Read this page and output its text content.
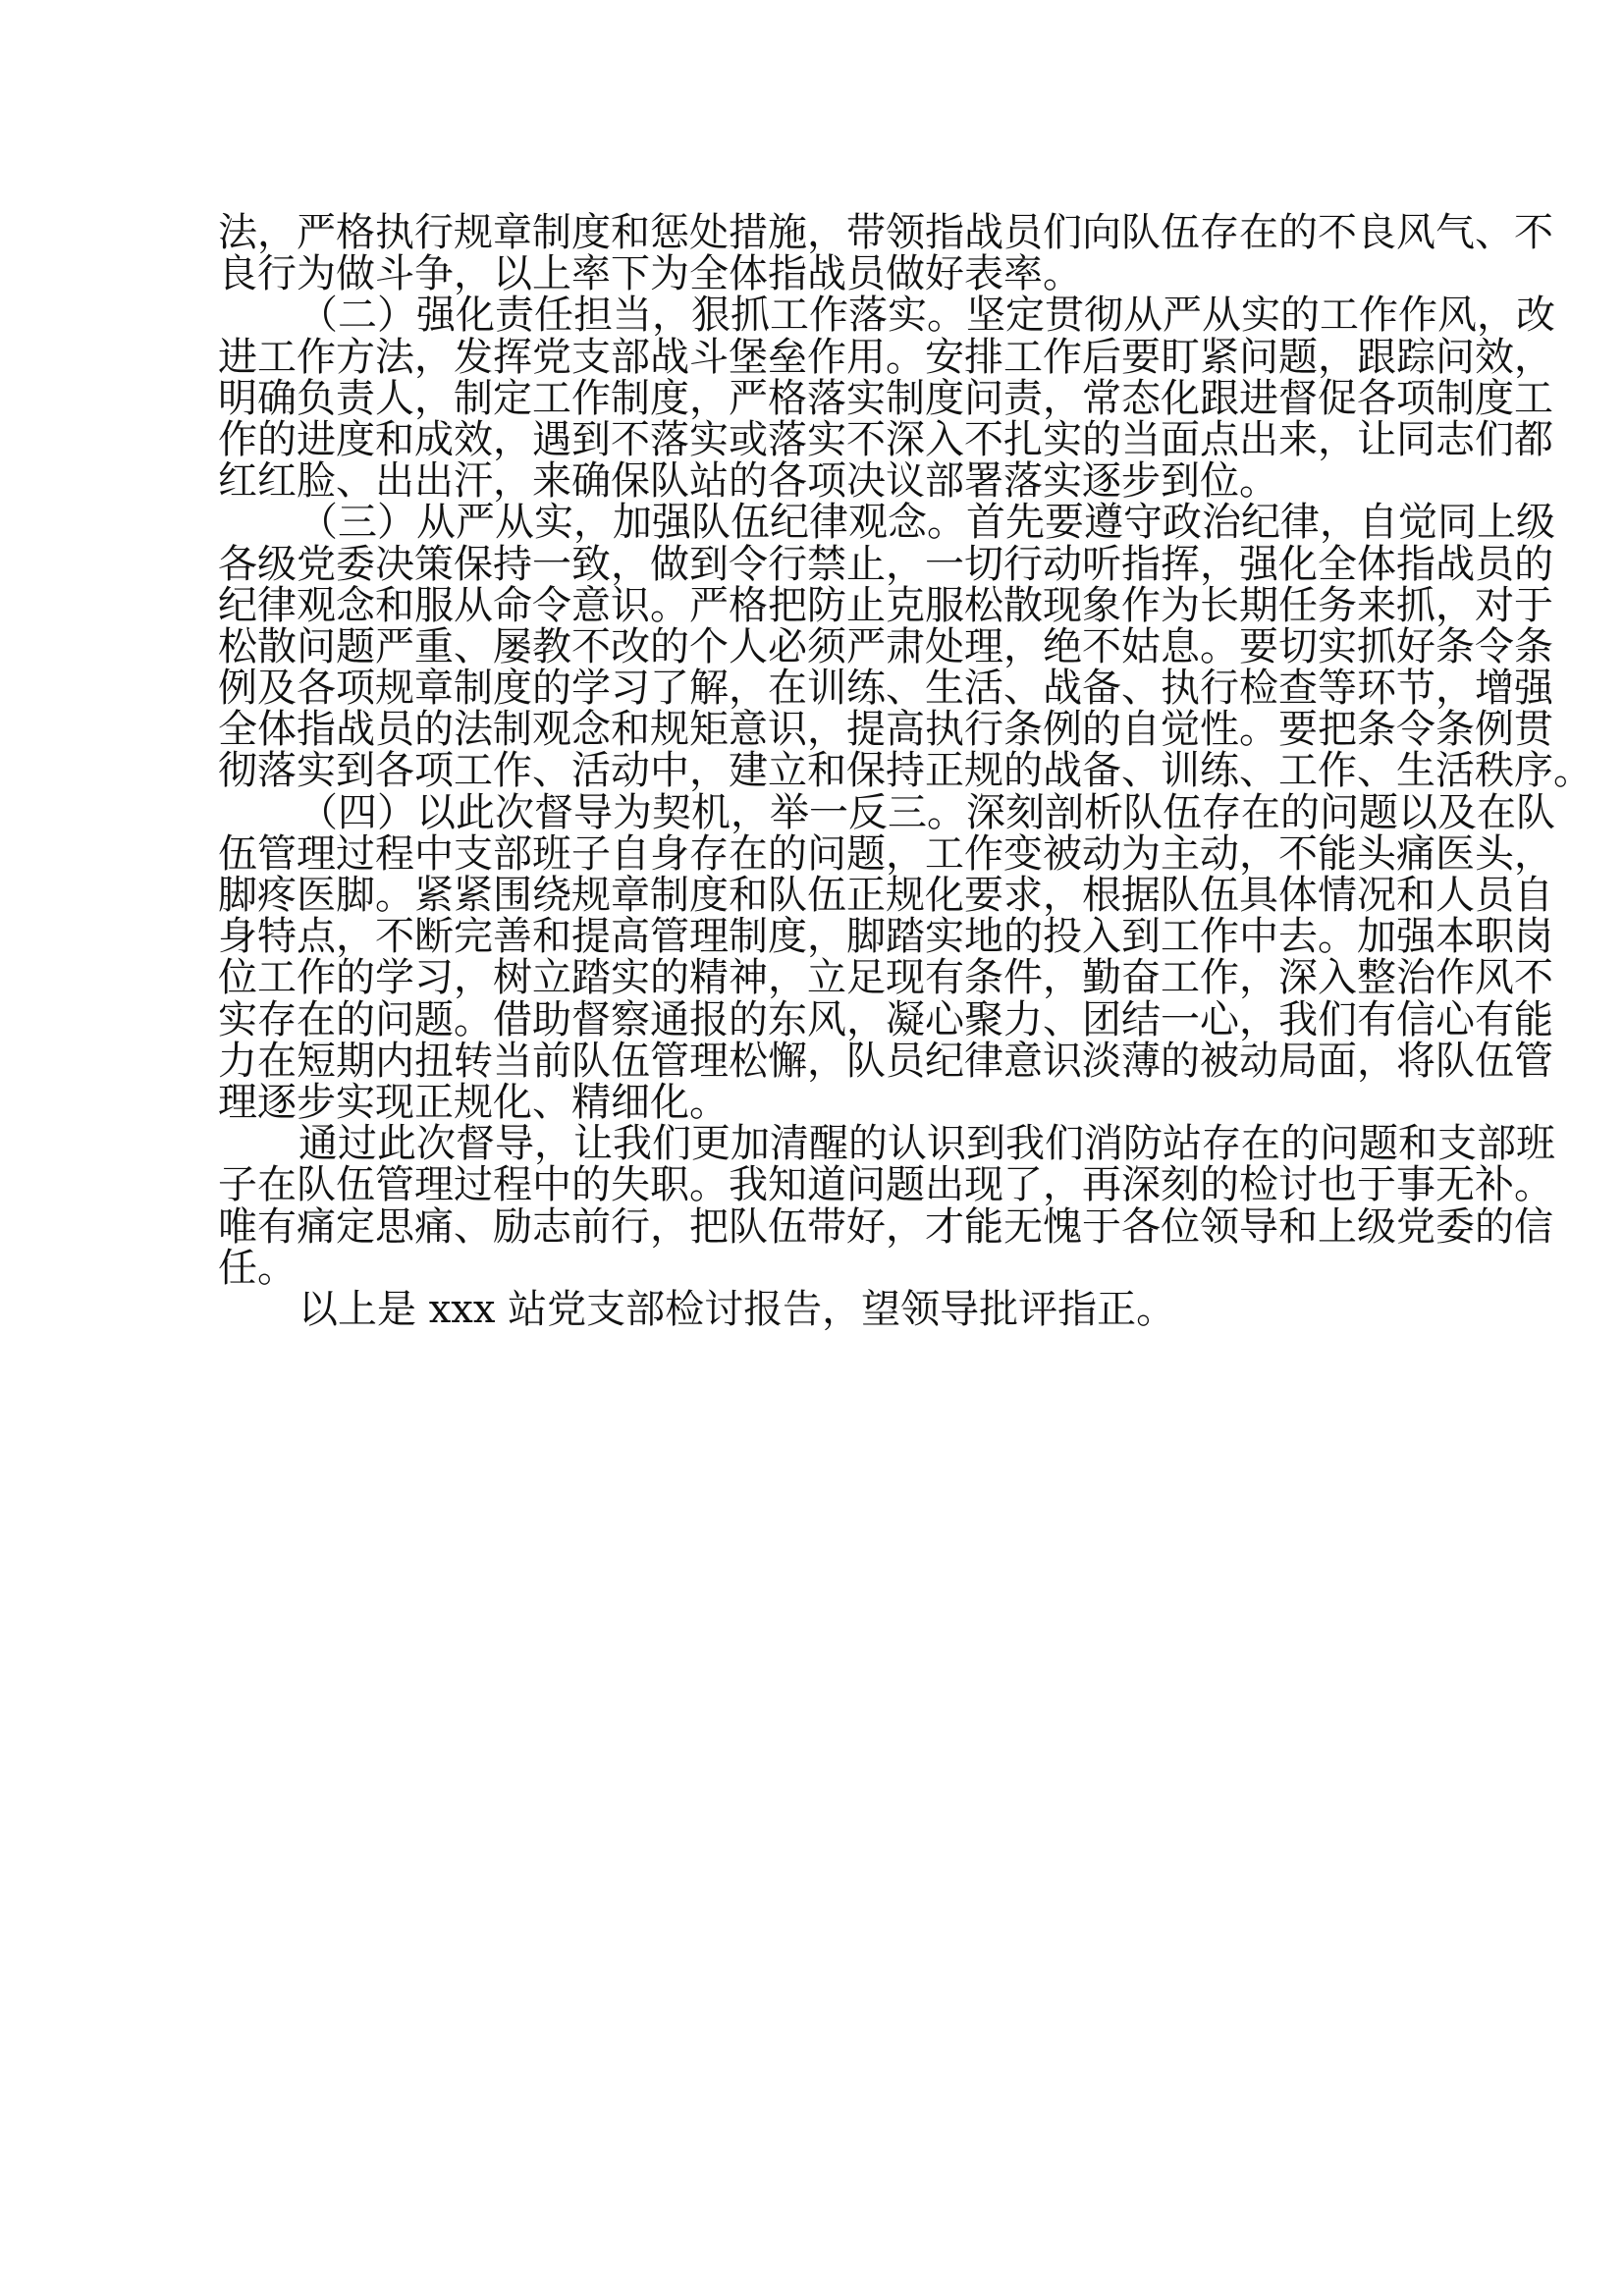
法，严格执行规章制度和惩处措施，带领指战员们向队伍存在的不良风气、不
良行为做斗争，以上率下为全体指战员做好表率。
（二）强化责任担当，狠抓工作落实。坚定贯彻从严从实的工作作风，改
进工作方法，发挥党支部战斗堡垒作用。安排工作后要盯紧问题，跟踪问效，
明确负责人，制定工作制度，严格落实制度问责，常态化跟进督促各项制度工
作的进度和成效，遇到不落实或落实不深入不扎实的当面点出来，让同志们都
红红脸、出出汗，来确保队站的各项决议部署落实逐步到位。
（三）从严从实，加强队伍纪律观念。首先要遵守政治纪律，自觉同上级
各级党委决策保持一致，做到令行禁止，一切行动听指挥，强化全体指战员的
纪律观念和服从命令意识。严格把防止克服松散现象作为长期任务来抓，对于
松散问题严重、屡教不改的个人必须严肃处理，绝不姑息。要切实抓好条令条
例及各项规章制度的学习了解，在训练、生活、战备、执行检查等环节，增强
全体指战员的法制观念和规矩意识，提高执行条例的自觉性。要把条令条例贯
彻落实到各项工作、活动中，建立和保持正规的战备、训练、工作、生活秩序。
（四）以此次督导为契机，举一反三。深刻剖析队伍存在的问题以及在队
伍管理过程中支部班子自身存在的问题，工作变被动为主动，不能头痛医头，
脚疼医脚。紧紧围绕规章制度和队伍正规化要求，根据队伍具体情况和人员自
身特点，不断完善和提高管理制度，脚踏实地的投入到工作中去。加强本职岗
位工作的学习，树立踏实的精神，立足现有条件，勤奋工作，深入整治作风不
实存在的问题。借助督察通报的东风，凝心聚力、团结一心，我们有信心有能
力在短期内扭转当前队伍管理松懈，队员纪律意识淡薄的被动局面，将队伍管
理逐步实现正规化、精细化。
通过此次督导，让我们更加清醒的认识到我们消防站存在的问题和支部班
子在队伍管理过程中的失职。我知道问题出现了，再深刻的检讨也于事无补。
唯有痛定思痛、励志前行，把队伍带好，才能无愧于各位领导和上级党委的信
任。
以上是 xxx 站党支部检讨报告，望领导批评指正。
